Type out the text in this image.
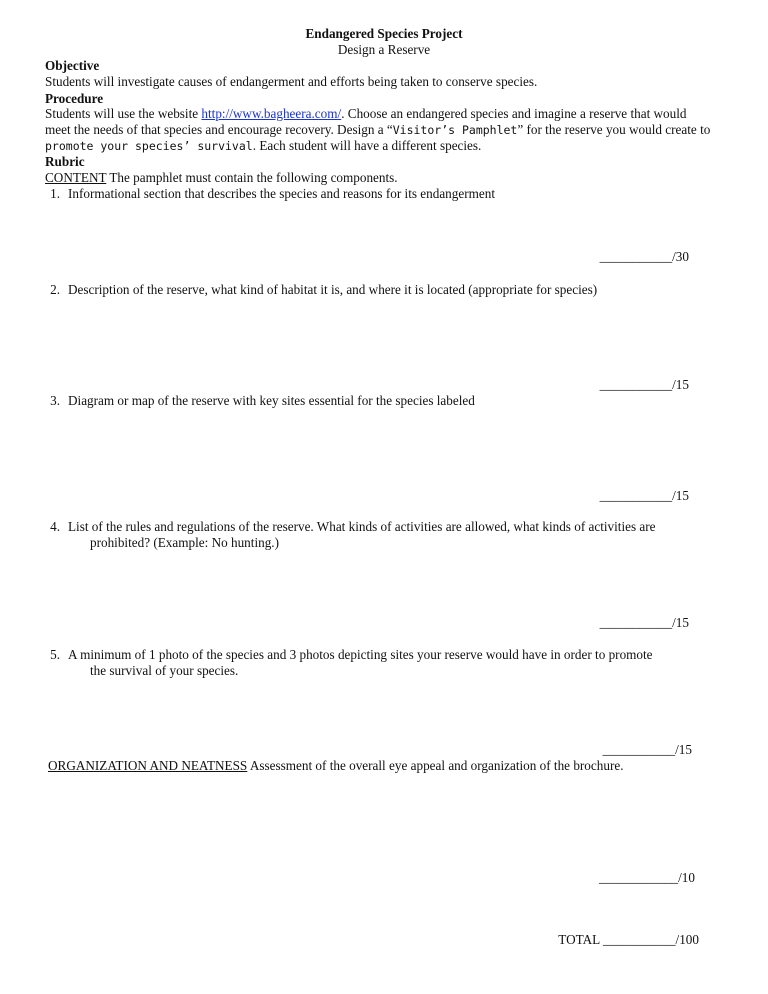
Endangered Species Project
Design a Reserve
Objective
Students will investigate causes of endangerment and efforts being taken to conserve species.
Procedure
Students will use the website http://www.bagheera.com/. Choose an endangered species and imagine a reserve that would
meet the needs of that species and encourage recovery. Design a “Visitor’s Pamphlet” for the reserve you would create to
promote your species’ survival. Each student will have a different species.
Rubric
CONTENT The pamphlet must contain the following components.
1. Informational section that describes the species and reasons for its endangerment
___________/30
2. Description of the reserve, what kind of habitat it is, and where it is located (appropriate for species)
___________/15
3. Diagram or map of the reserve with key sites essential for the species labeled
___________/15
4. List of the rules and regulations of the reserve. What kinds of activities are allowed, what kinds of activities are
prohibited? (Example: No hunting.)
___________/15
5. A minimum of 1 photo of the species and 3 photos depicting sites your reserve would have in order to promote
the survival of your species.
___________/15
ORGANIZATION AND NEATNESS Assessment of the overall eye appeal and organization of the brochure.
____________/10
TOTAL ___________/100
